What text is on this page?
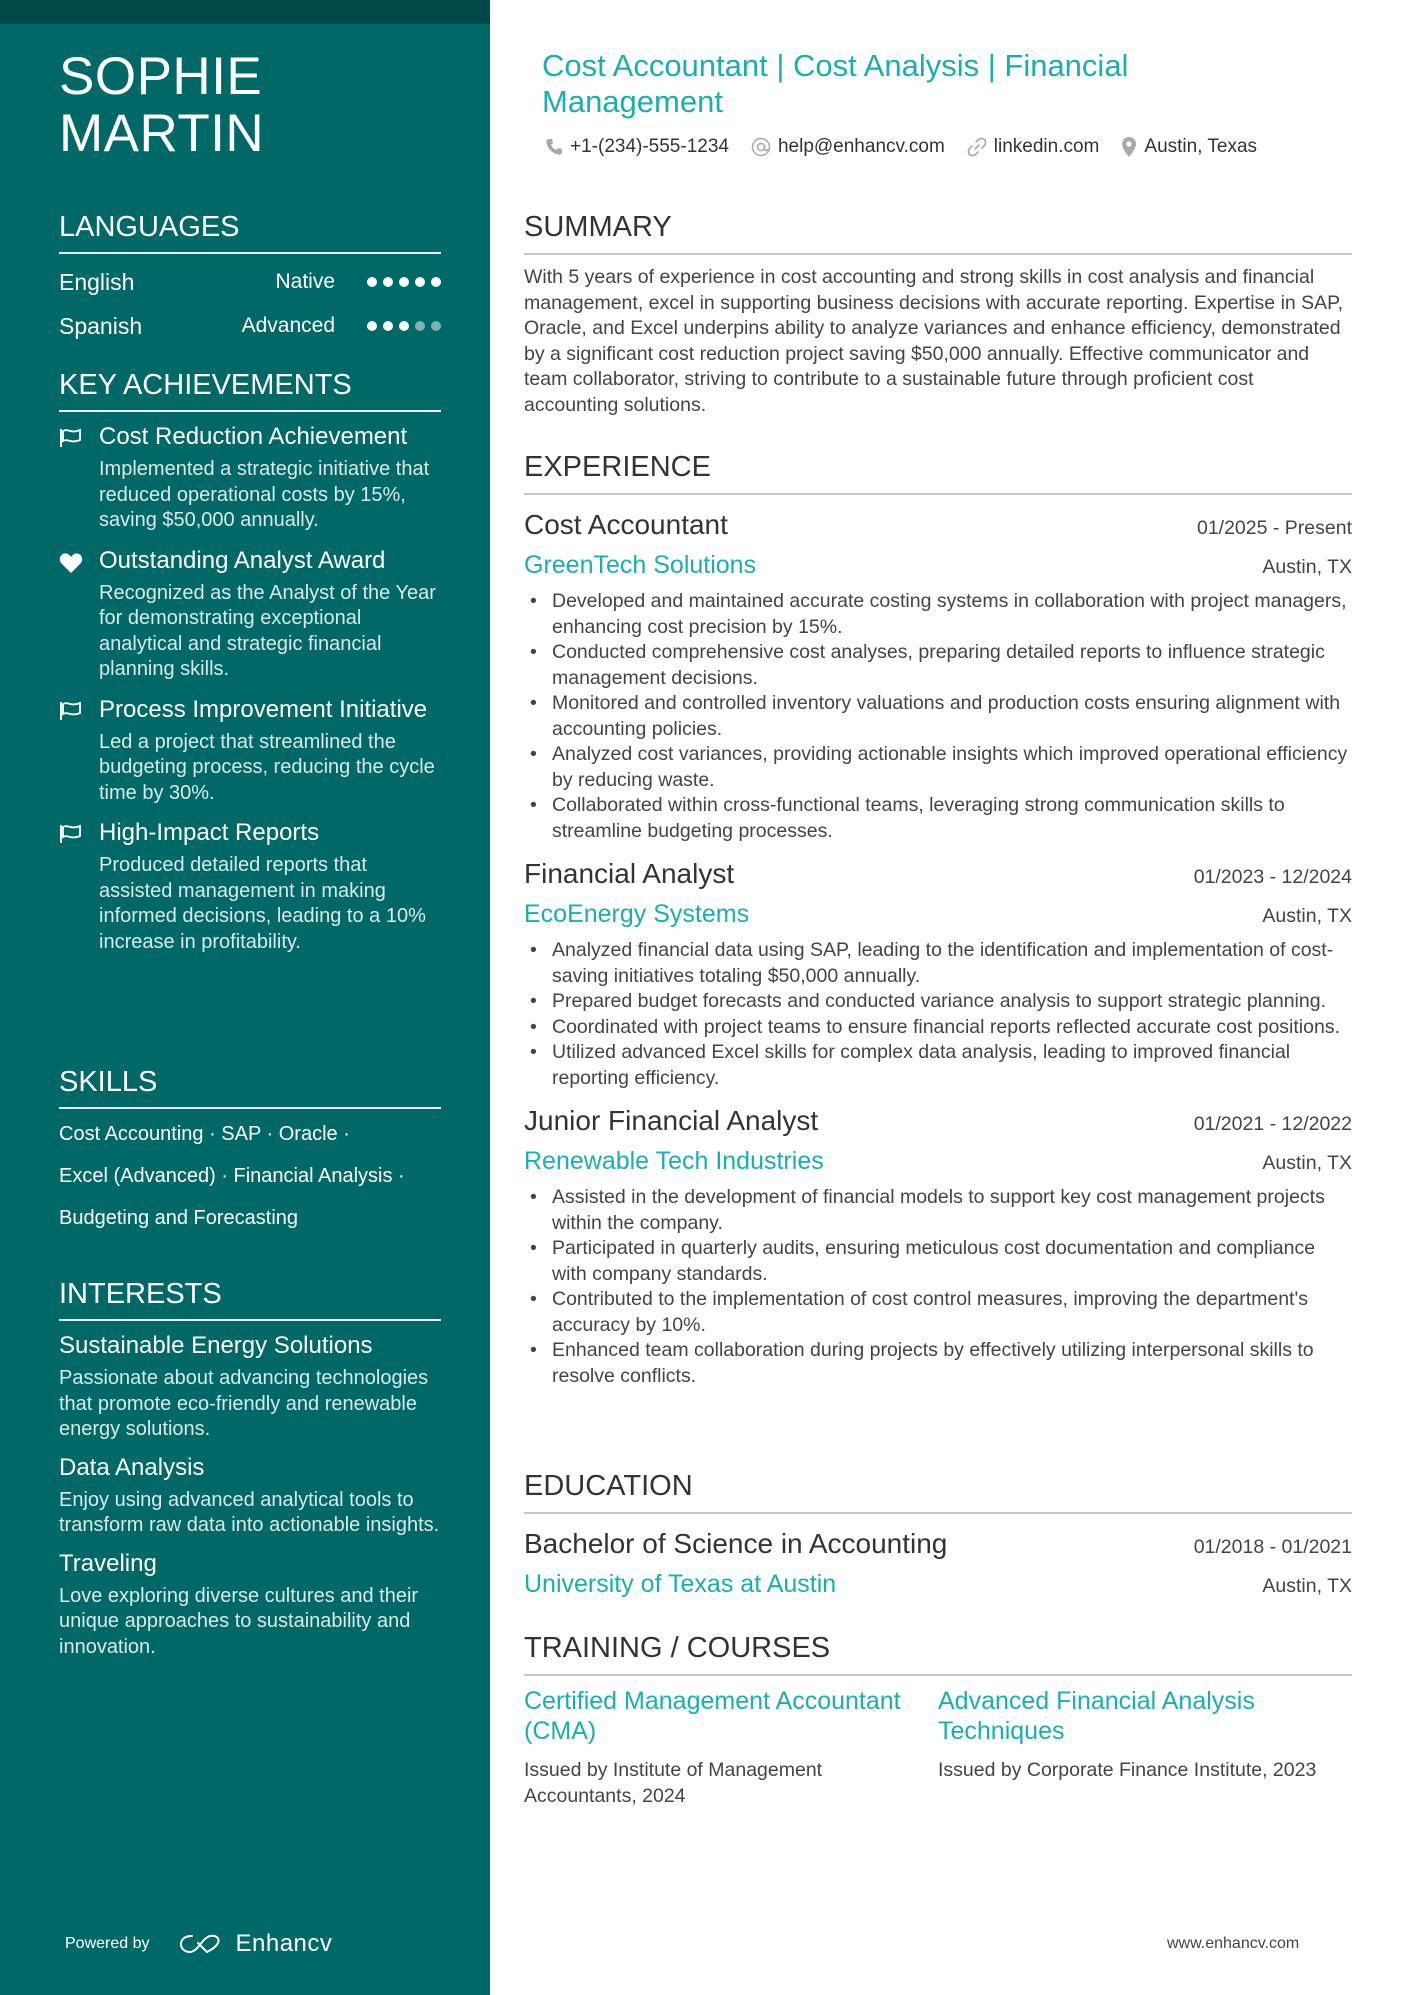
SOPHIE
MARTIN
LANGUAGES
English	Native
Spanish	Advanced
KEY ACHIEVEMENTS
Cost Reduction Achievement
Implemented a strategic initiative that reduced operational costs by 15%, saving $50,000 annually.
Outstanding Analyst Award
Recognized as the Analyst of the Year for demonstrating exceptional analytical and strategic financial planning skills.
Process Improvement Initiative
Led a project that streamlined the budgeting process, reducing the cycle time by 30%.
High-Impact Reports
Produced detailed reports that assisted management in making informed decisions, leading to a 10% increase in profitability.
SKILLS
Cost Accounting · SAP · Oracle ·
Excel (Advanced) · Financial Analysis ·
Budgeting and Forecasting
INTERESTS
Sustainable Energy Solutions
Passionate about advancing technologies that promote eco-friendly and renewable energy solutions.
Data Analysis
Enjoy using advanced analytical tools to transform raw data into actionable insights.
Traveling
Love exploring diverse cultures and their unique approaches to sustainability and innovation.
Powered by	Enhancv
Cost Accountant | Cost Analysis | Financial Management
+1-(234)-555-1234	help@enhancv.com	linkedin.com Austin, Texas
SUMMARY
With 5 years of experience in cost accounting and strong skills in cost analysis and financial management, excel in supporting business decisions with accurate reporting. Expertise in SAP, Oracle, and Excel underpins ability to analyze variances and enhance efficiency, demonstrated by a significant cost reduction project saving $50,000 annually. Effective communicator and team collaborator, striving to contribute to a sustainable future through proficient cost accounting solutions.
EXPERIENCE
Cost Accountant	01/2025 - Present
GreenTech Solutions	Austin, TX
• Developed and maintained accurate costing systems in collaboration with project managers, enhancing cost precision by 15%.
• Conducted comprehensive cost analyses, preparing detailed reports to influence strategic management decisions.
• Monitored and controlled inventory valuations and production costs ensuring alignment with accounting policies.
• Analyzed cost variances, providing actionable insights which improved operational efficiency by reducing waste.
• Collaborated within cross-functional teams, leveraging strong communication skills to streamline budgeting processes.
Financial Analyst	01/2023 - 12/2024
EcoEnergy Systems	Austin, TX
• Analyzed financial data using SAP, leading to the identification and implementation of cost-saving initiatives totaling $50,000 annually.
• Prepared budget forecasts and conducted variance analysis to support strategic planning.
• Coordinated with project teams to ensure financial reports reflected accurate cost positions.
• Utilized advanced Excel skills for complex data analysis, leading to improved financial reporting efficiency.
Junior Financial Analyst	01/2021 - 12/2022
Renewable Tech Industries	Austin, TX
• Assisted in the development of financial models to support key cost management projects within the company.
• Participated in quarterly audits, ensuring meticulous cost documentation and compliance with company standards.
• Contributed to the implementation of cost control measures, improving the department's accuracy by 10%.
• Enhanced team collaboration during projects by effectively utilizing interpersonal skills to resolve conflicts.
EDUCATION
Bachelor of Science in Accounting	01/2018 - 01/2021
University of Texas at Austin	Austin, TX
TRAINING / COURSES
Certified Management Accountant (CMA)
Issued by Institute of Management Accountants, 2024
Advanced Financial Analysis Techniques
Issued by Corporate Finance Institute, 2023
www.enhancv.com
